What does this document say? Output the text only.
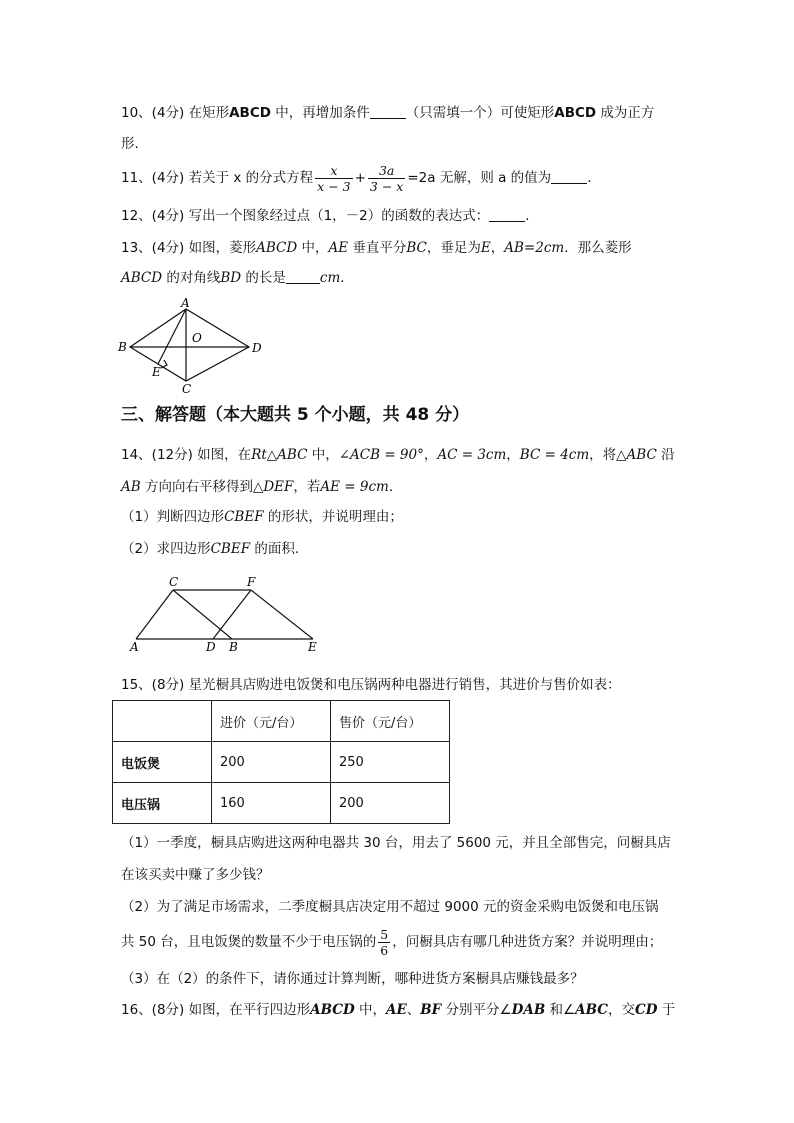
10、(4分) 在矩形ABCD 中，再增加条件	（只需填一个）可使矩形ABCD 成为正方
形.
11、(4分) 若关于 x 的分式方程 $\frac{x}{x - 3} + \frac{3a}{3 - x} =2a$ 无解，则 a 的值为	.
12、(4分) 写出一个图象经过点（1，－2）的函数的表达式：	.
13、(4分) 如图，菱形ABCD 中，AE 垂直平分BC，垂足为E，AB=2cm．那么菱形
ABCD 的对角线BD 的长是	cm．
A
B	D
C
O
E
三、解答题（本大题共 5 个小题，共 48 分）
14、(12分) 如图，在Rt△ABC 中，∠ACB = 90°，AC = 3cm，BC = 4cm，将△ABC 沿
AB 方向向右平移得到△DEF，若AE = 9cm．
（1）判断四边形CBEF 的形状，并说明理由；
（2）求四边形CBEF 的面积.
C	F
A	D B	E
15、(8分) 星光橱具店购进电饭煲和电压锅两种电器进行销售，其进价与售价如表：
	进价（元/台）	售价（元/台）
电饭煲	200	250
电压锅	160	200
（1）一季度，橱具店购进这两种电器共 30 台，用去了 5600 元，并且全部售完，问橱具店
在该买卖中赚了多少钱？
（2）为了满足市场需求，二季度橱具店决定用不超过 9000 元的资金采购电饭煲和电压锅
共 50 台，且电饭煲的数量不少于电压锅的 $\frac{5}{6}$ ，问橱具店有哪几种进货方案？并说明理由；
（3）在（2）的条件下，请你通过计算判断，哪种进货方案橱具店赚钱最多？
16、(8分) 如图，在平行四边形ABCD 中，AE、BF 分别平分∠DAB 和∠ABC，交CD 于
